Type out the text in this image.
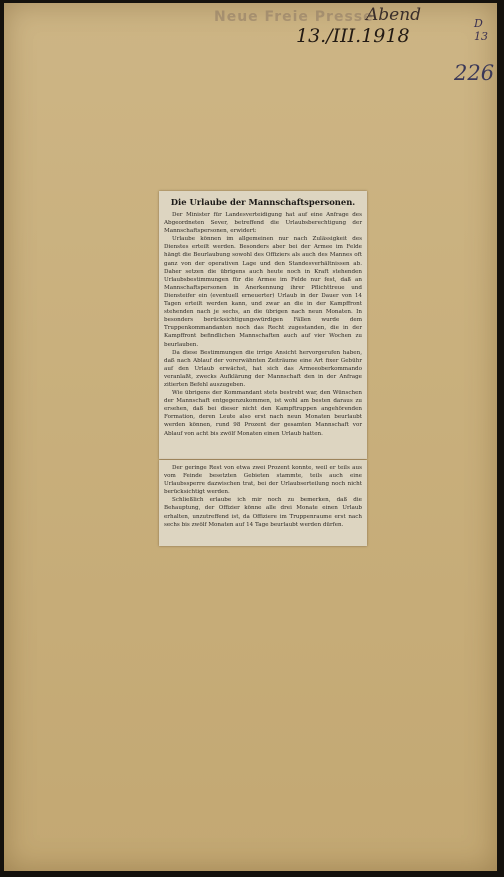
Neue Freie Presse
Abend
13./III.1918
D 13
226
Die Urlaube der Mannschaftspersonen.

Der Minister für Landesverteidigung hat auf eine Anfrage des Abgeordneten Sever, betreffend die Urlaubsberechtigung der Mannschaftspersonen, erwidert:

Urlaube können im allgemeinen nur nach Zulässigkeit des Dienstes erteilt werden. Besonders aber bei der Armee im Felde hängt die Beurlaubung sowohl des Offiziers als auch des Mannes oft ganz von der operativen Lage und den Standesverhältnissen ab. Daher setzen die übrigens auch heute noch in Kraft stehenden Urlaubsbestimmungen für die Armee im Felde nur fest, daß an Mannschaftspersonen in Anerkennung ihrer Pflichttreue und Diensteifer ein (eventuell erneuerter) Urlaub in der Dauer von 14 Tagen erteilt werden kann, und zwar an die in der Kampffront stehenden nach je sechs, an die übrigen nach neun Monaten. In besonders berücksichtigungswürdigen Fällen wurde dem Truppenkommandanten noch das Recht zugestanden, die in der Kampffront befindlichen Mannschaften auch auf vier Wochen zu beurlauben.

Da diese Bestimmungen die irrige Ansicht hervorgerufen haben, daß nach Ablauf der vorerwähnten Zeiträume eine Art fixer Gebühr auf den Urlaub erwächst, hat sich das Armeeoberkommando veranlaßt, zwecks Aufklärung der Mannschaft den in der Anfrage zitierten Befehl auszugeben.

Wie übrigens der Kommandant stets bestrebt war, den Wünschen der Mannschaft entgegenzukommen, ist wohl am besten daraus zu ersehen, daß bei dieser nicht den Kampftruppen angehörenden Formation, deren Leute also erst nach neun Monaten beurlaubt werden können, rund 98 Prozent der gesamten Mannschaft vor Ablauf von acht bis zwölf Monaten einen Urlaub hatten.

Der geringe Rest von etwa zwei Prozent konnte, weil er teils aus vom Feinde besetzten Gebieten stammte, teils auch eine Urlaubssperre dazwischen trat, bei der Urlaubserteilung noch nicht berücksichtigt werden.

Schließlich erlaube ich mir noch zu bemerken, daß die Behauptung, der Offizier könne alle drei Monate einen Urlaub erhalten, unzutreffend ist, da Offiziere im Truppenraume erst nach sechs bis zwölf Monaten auf 14 Tage beurlaubt werden dürfen.
